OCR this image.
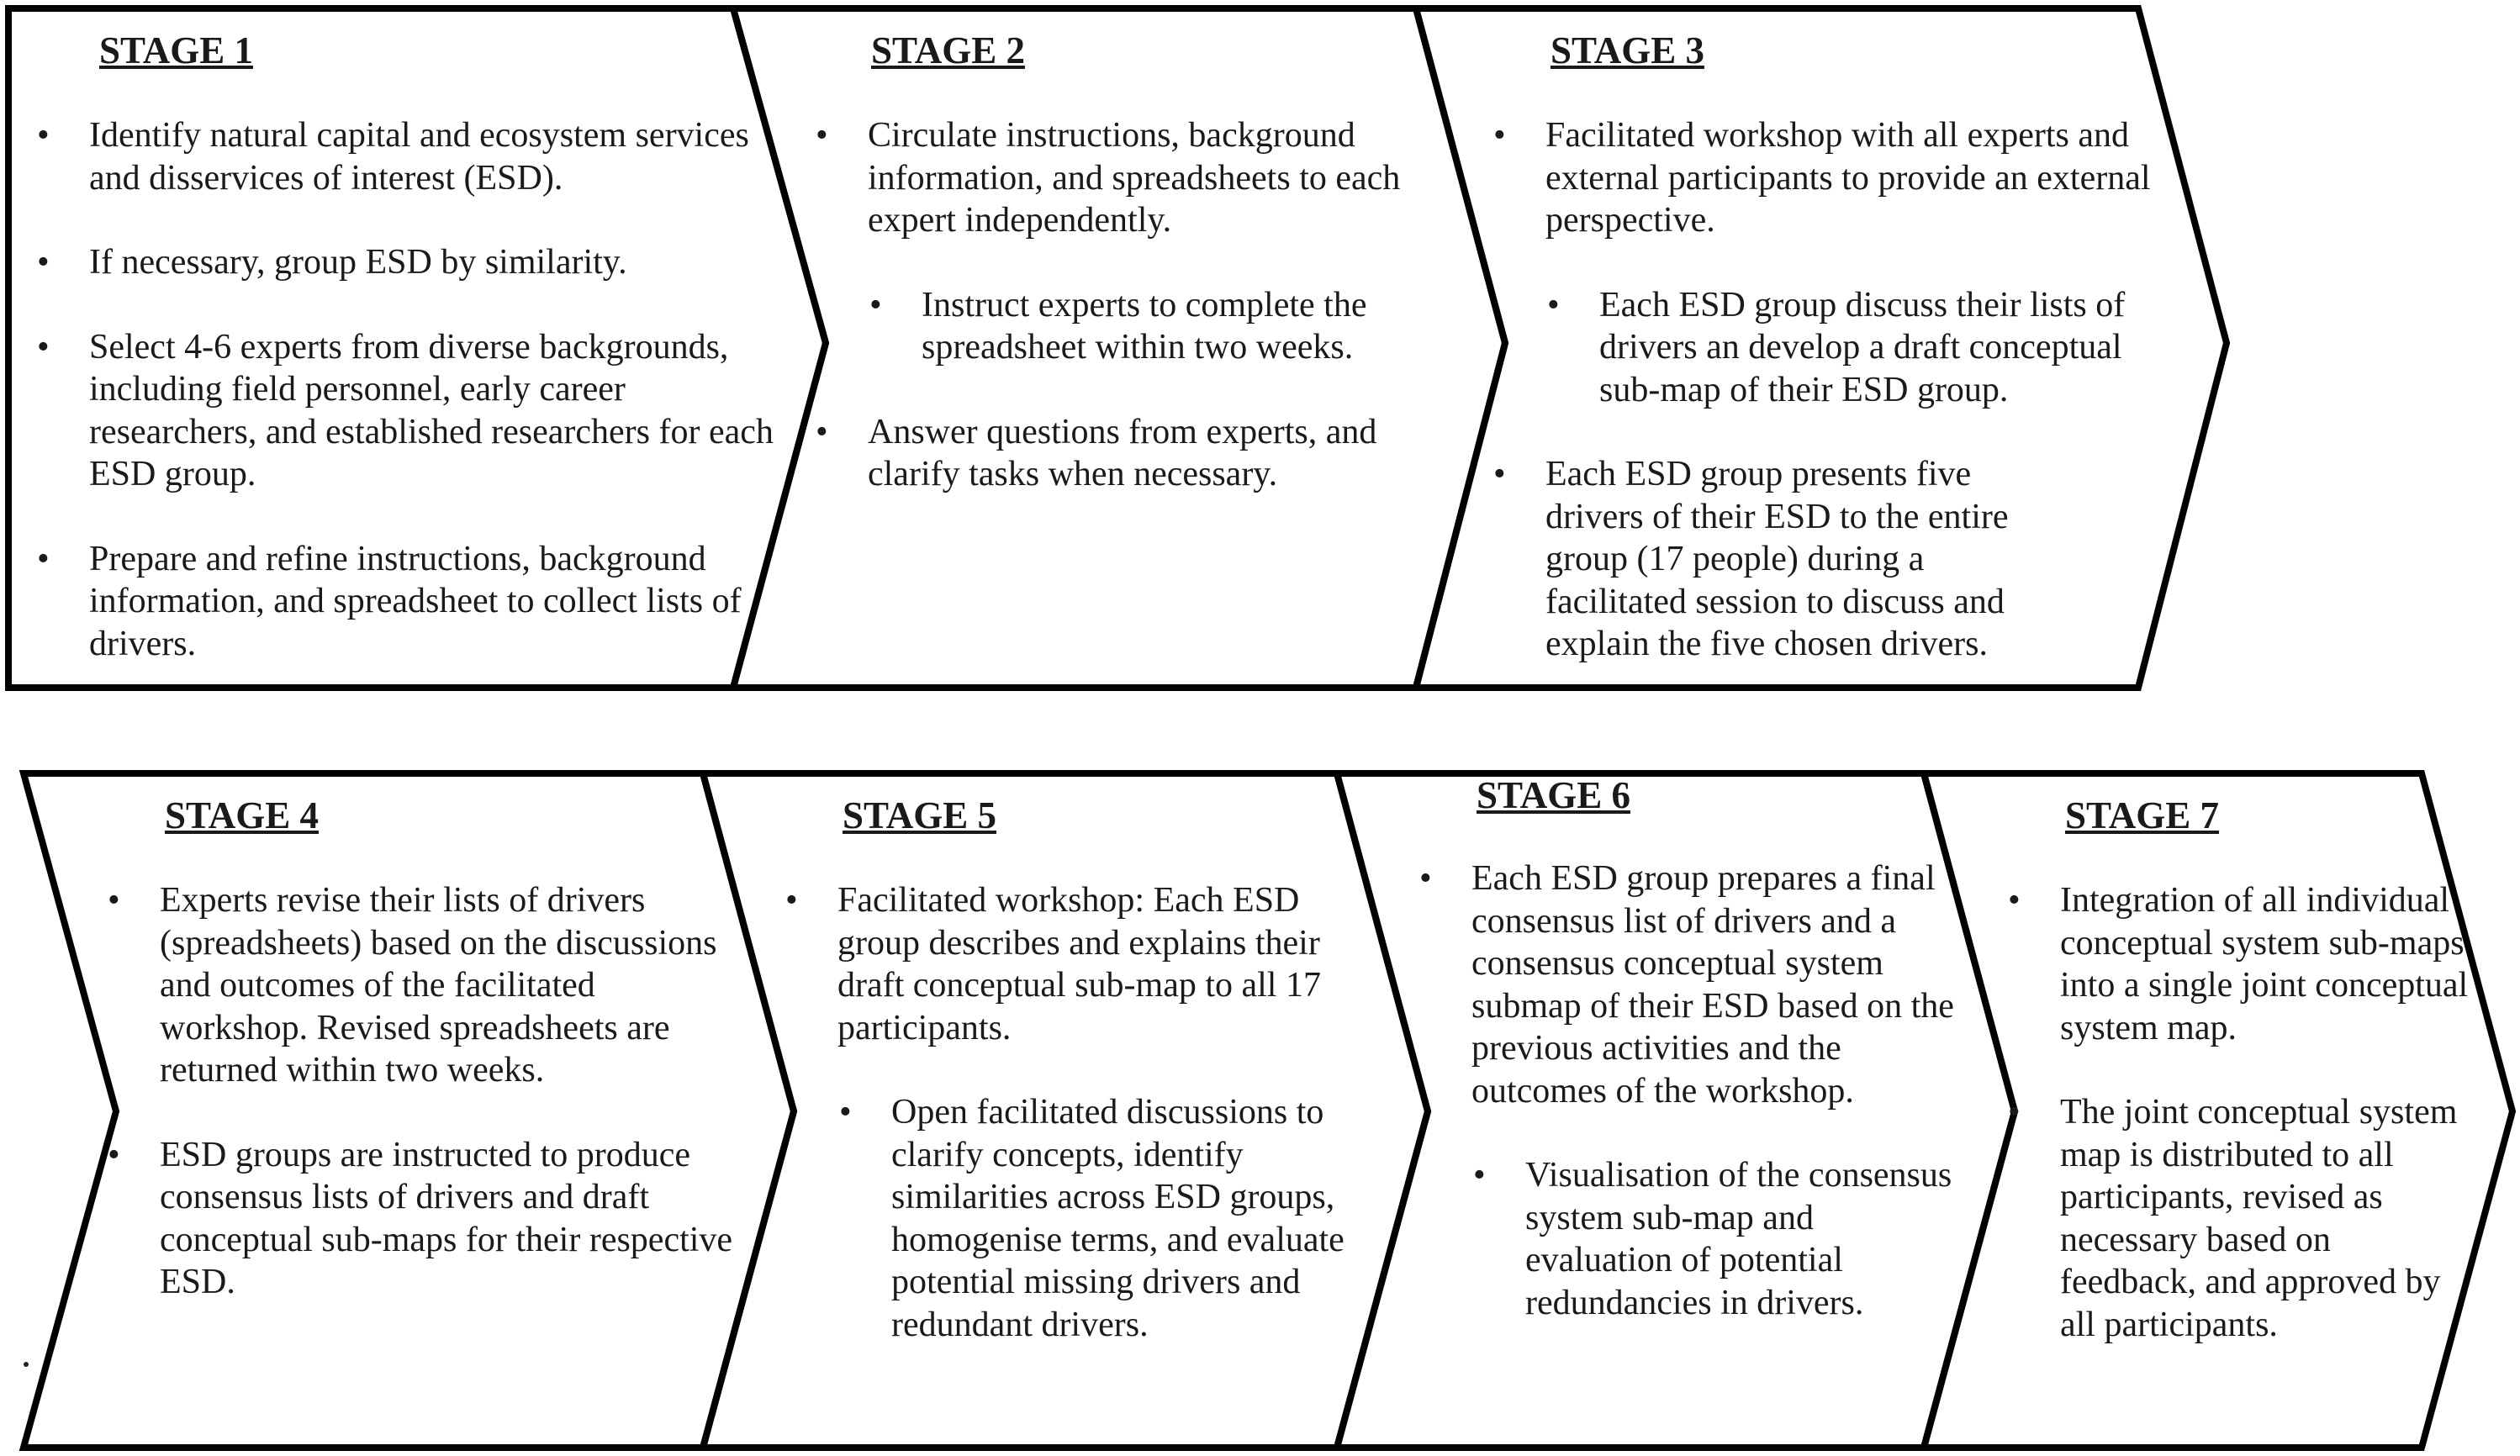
STAGE 1
• Identify natural capital and ecosystem services and disservices of interest (ESD).
• If necessary, group ESD by similarity.
• Select 4-6 experts from diverse backgrounds, including field personnel, early career researchers, and established researchers for each ESD group.
• Prepare and refine instructions, background information, and spreadsheet to collect lists of drivers.
STAGE 2
• Circulate instructions, background information, and spreadsheets to each expert independently.
• Instruct experts to complete the spreadsheet within two weeks.
• Answer questions from experts, and clarify tasks when necessary.
STAGE 3
• Facilitated workshop with all experts and external participants to provide an external perspective.
• Each ESD group discuss their lists of drivers an develop a draft conceptual sub-map of their ESD group.
• Each ESD group presents five drivers of their ESD to the entire group (17 people) during a facilitated session to discuss and explain the five chosen drivers.
STAGE 4
• Experts revise their lists of drivers (spreadsheets) based on the discussions and outcomes of the facilitated workshop. Revised spreadsheets are returned within two weeks.
• ESD groups are instructed to produce consensus lists of drivers and draft conceptual sub-maps for their respective ESD.
STAGE 5
• Facilitated workshop: Each ESD group describes and explains their draft conceptual sub-map to all 17 participants.
• Open facilitated discussions to clarify concepts, identify similarities across ESD groups, homogenise terms, and evaluate potential missing drivers and redundant drivers.
STAGE 6
• Each ESD group prepares a final consensus list of drivers and a consensus conceptual system submap of their ESD based on the previous activities and the outcomes of the workshop.
• Visualisation of the consensus system sub-map and evaluation of potential redundancies in drivers.
STAGE 7
• Integration of all individual conceptual system sub-maps into a single joint conceptual system map.
• The joint conceptual system map is distributed to all participants, revised as necessary based on feedback, and approved by all participants.
